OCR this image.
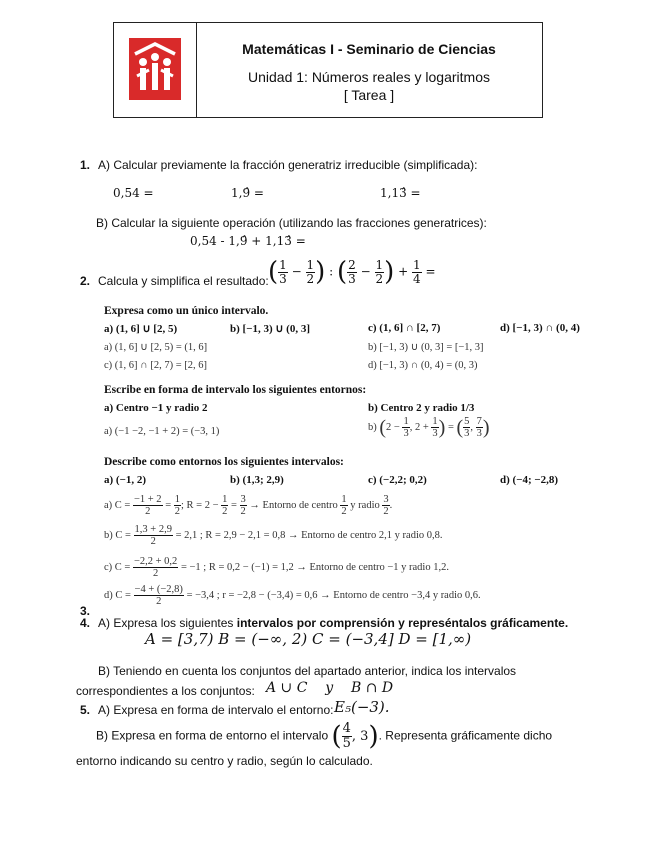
Matemáticas I - Seminario de Ciencias
Unidad 1: Números reales y logaritmos
[ Tarea ]
1. A) Calcular previamente la fracción generatriz irreducible (simplificada):
0,54 =	1,9̂ =	1,13̂ =
B) Calcular la siguiente operación (utilizando las fracciones generatrices):
0,54 - 1,9̂ + 1,13̂ =
2. Calcula y simplifica el resultado: ( $\frac{1}{3} - \frac{1}{2}$ ) : ( $\frac{2}{3} - \frac{1}{2}$ ) + $\frac{1}{4}$ =
Expresa como un único intervalo.
a) (1, 6] ∪ [2, 5)	b) [−1, 3) ∪ (0, 3]	c) (1, 6] ∩ [2, 7)	d) [−1, 3) ∩ (0, 4)
a) (1, 6] ∪ [2, 5) = (1, 6]	b) [−1, 3) ∪ (0, 3] = [−1, 3]
c) (1, 6] ∩ [2, 7) = [2, 6]	d) [−1, 3) ∩ (0, 4) = (0, 3)
Escribe en forma de intervalo los siguientes entornos:
a) Centro −1 y radio 2	b) Centro 2 y radio 1/3
a) (−1 −2, −1 + 2) = (−3, 1)	b) ($2 - \frac{1}{3}$ , $2 + \frac{1}{3}$ ) = ( $\frac{5}{3}$ , $\frac{7}{3}$ )
Describe como entornos los siguientes intervalos:
a) (−1, 2)	b) (1,3; 2,9)	c) (−2,2; 0,2)	d) (−4; −2,8)
a) $C = \frac{-1 + 2}{2} = \frac{1}{2}$ ; $R = 2 - \frac{1}{2} = \frac{3}{2}$ → Entorno de centro $\frac{1}{2}$ y radio $\frac{3}{2}$ .
b) $C = \frac{1,3 + 2,9}{2} = 2,1$ ; R = 2,9 − 2,1 = 0,8 → Entorno de centro 2,1 y radio 0,8.
c) $C = \frac{-2,2 + 0,2}{2} = -1$ ; R = 0,2 − (−1) = 1,2 → Entorno de centro −1 y radio 1,2.
d) $C = \frac{-4 + (-2,8)}{2} = -3,4$ ; r = −2,8 − (−3,4) = 0,6 → Entorno de centro −3,4 y radio 0,6.
3.
4. A) Expresa los siguientes intervalos por comprensión y represéntalos gráficamente.
A = [3,7) B = (−∞, 2) C = (−3,4] D = [1,∞)
B) Teniendo en cuenta los conjuntos del apartado anterior, indica los intervalos
correspondientes a los conjuntos: A ∪ C    y    B ∩ D
5. A) Expresa en forma de intervalo el entorno: E₅(−3).
B) Expresa en forma de entorno el intervalo ( $\frac{4}{5}$ , 3). Representa gráficamente dicho
entorno indicando su centro y radio, según lo calculado.
